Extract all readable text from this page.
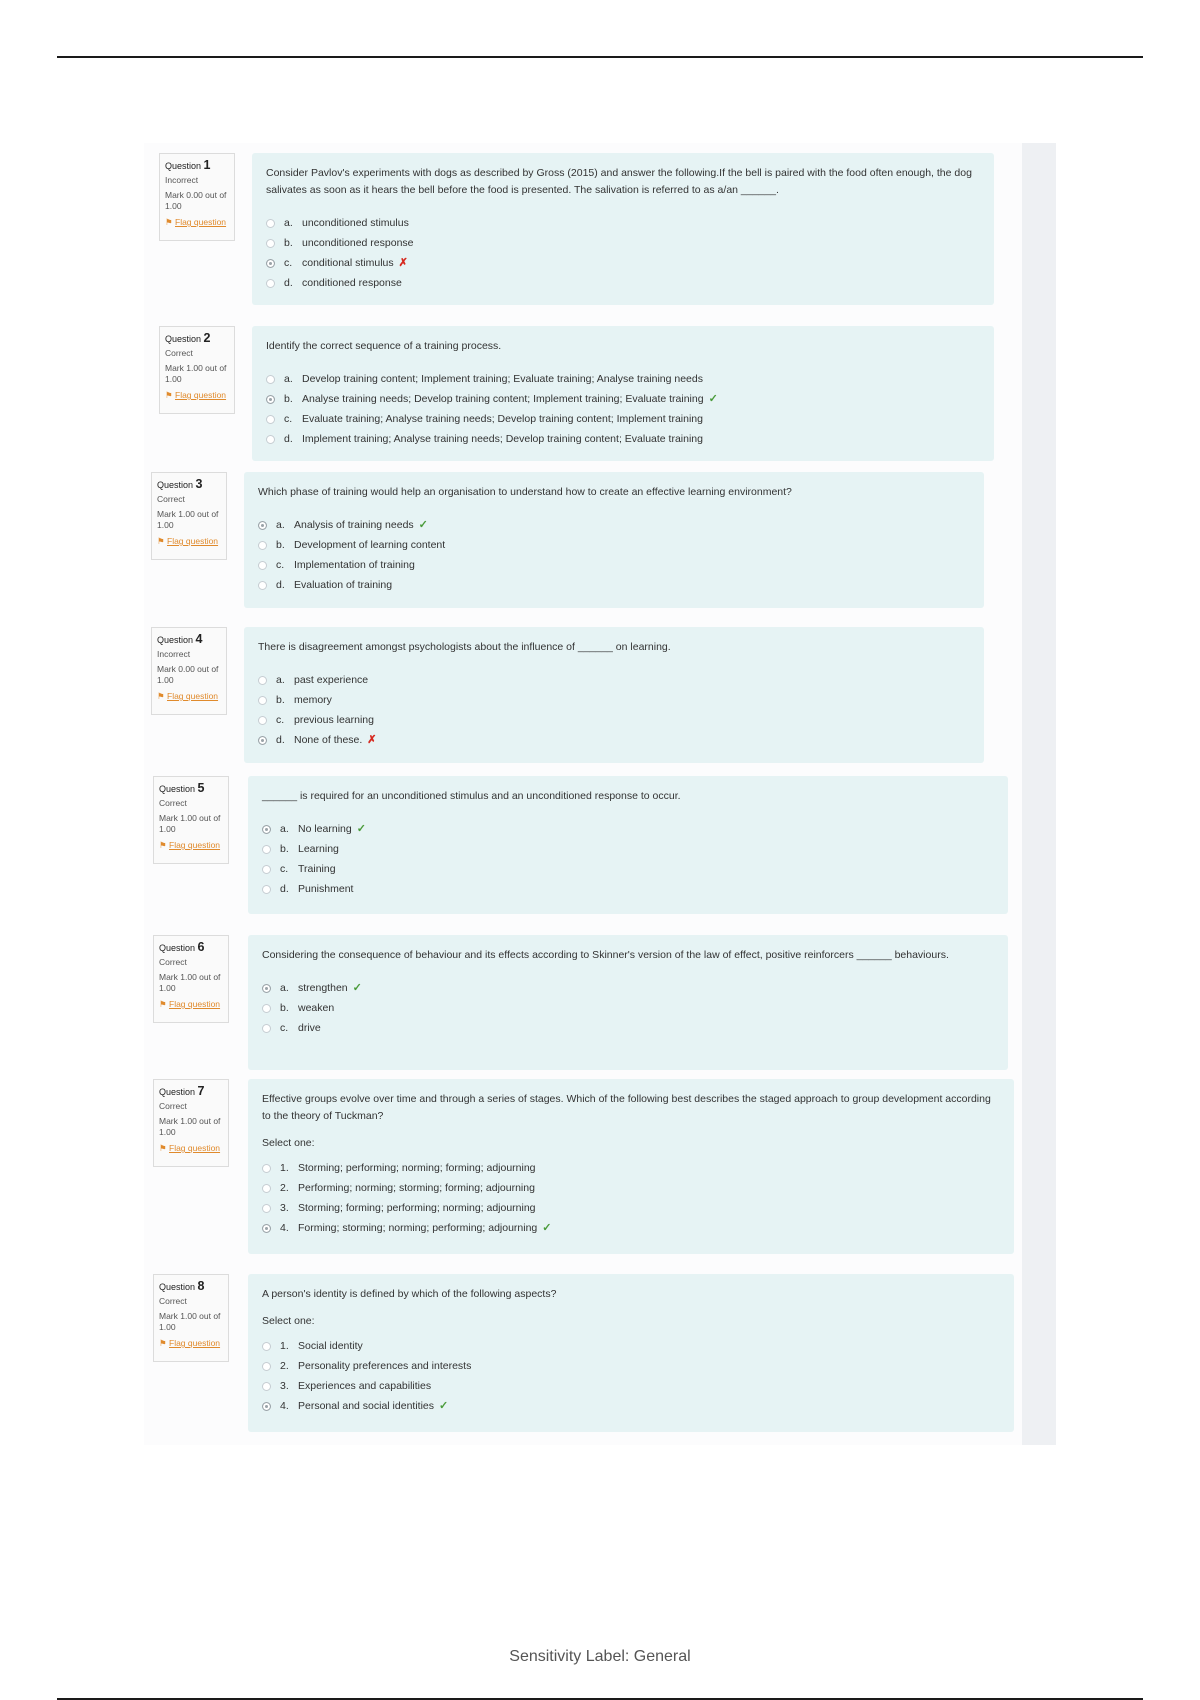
Question 1
Incorrect
Mark 0.00 out of 1.00
⚑ Flag question
Consider Pavlov's experiments with dogs as described by Gross (2015) and answer the following.If the bell is paired with the food often enough, the dog salivates as soon as it hears the bell before the food is presented. The salivation is referred to as a/an ______.
a. unconditioned stimulus
b. unconditioned response
c. conditional stimulus ✗
d. conditioned response
Question 2
Correct
Mark 1.00 out of 1.00
⚑ Flag question
Identify the correct sequence of a training process.
a. Develop training content; Implement training; Evaluate training; Analyse training needs
b. Analyse training needs; Develop training content; Implement training; Evaluate training ✓
c. Evaluate training; Analyse training needs; Develop training content; Implement training
d. Implement training; Analyse training needs; Develop training content; Evaluate training
Question 3
Correct
Mark 1.00 out of 1.00
⚑ Flag question
Which phase of training would help an organisation to understand how to create an effective learning environment?
a. Analysis of training needs ✓
b. Development of learning content
c. Implementation of training
d. Evaluation of training
Question 4
Incorrect
Mark 0.00 out of 1.00
⚑ Flag question
There is disagreement amongst psychologists about the influence of ______ on learning.
a. past experience
b. memory
c. previous learning
d. None of these. ✗
Question 5
Correct
Mark 1.00 out of 1.00
⚑ Flag question
______ is required for an unconditioned stimulus and an unconditioned response to occur.
a. No learning ✓
b. Learning
c. Training
d. Punishment
Question 6
Correct
Mark 1.00 out of 1.00
⚑ Flag question
Considering the consequence of behaviour and its effects according to Skinner's version of the law of effect, positive reinforcers ______ behaviours.
a. strengthen ✓
b. weaken
c. drive
Question 7
Correct
Mark 1.00 out of 1.00
⚑ Flag question
Effective groups evolve over time and through a series of stages. Which of the following best describes the staged approach to group development according to the theory of Tuckman?
Select one:
1. Storming; performing; norming; forming; adjourning
2. Performing; norming; storming; forming; adjourning
3. Storming; forming; performing; norming; adjourning
4. Forming; storming; norming; performing; adjourning ✓
Question 8
Correct
Mark 1.00 out of 1.00
⚑ Flag question
A person's identity is defined by which of the following aspects?
Select one:
1. Social identity
2. Personality preferences and interests
3. Experiences and capabilities
4. Personal and social identities ✓
Sensitivity Label: General
